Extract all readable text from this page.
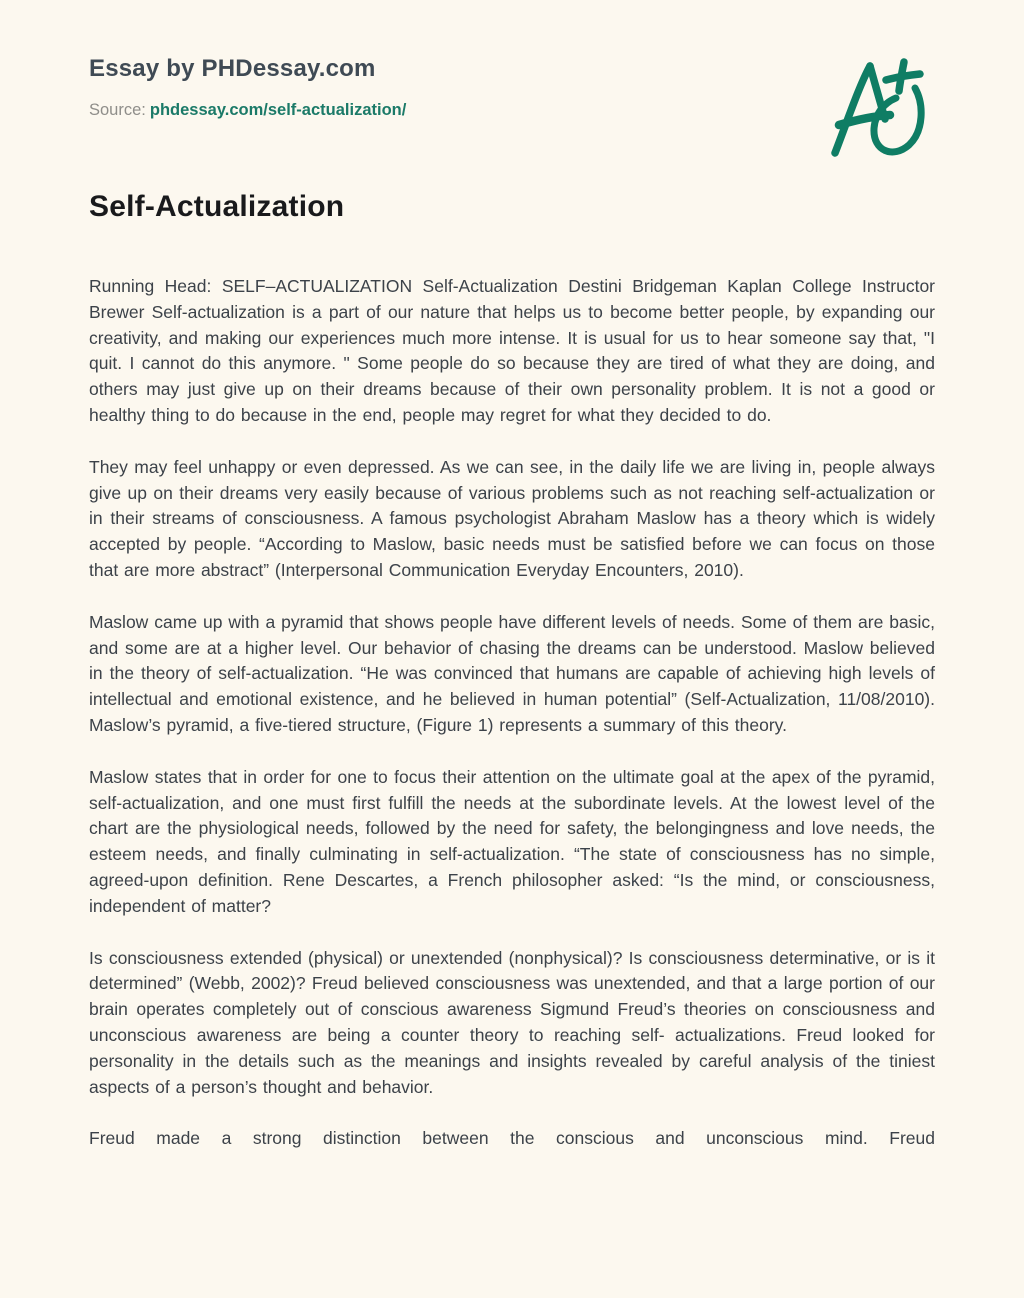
Essay by PHDessay.com
Source: phdessay.com/self-actualization/
Self-Actualization

Running Head: SELF–ACTUALIZATION Self-Actualization Destini Bridgeman Kaplan College Instructor Brewer Self-actualization is a part of our nature that helps us to become better people, by expanding our creativity, and making our experiences much more intense. It is usual for us to hear someone say that, "I quit. I cannot do this anymore. " Some people do so because they are tired of what they are doing, and others may just give up on their dreams because of their own personality problem. It is not a good or healthy thing to do because in the end, people may regret for what they decided to do.

They may feel unhappy or even depressed. As we can see, in the daily life we are living in, people always give up on their dreams very easily because of various problems such as not reaching self-actualization or in their streams of consciousness. A famous psychologist Abraham Maslow has a theory which is widely accepted by people. “According to Maslow, basic needs must be satisfied before we can focus on those that are more abstract” (Interpersonal Communication Everyday Encounters, 2010).

Maslow came up with a pyramid that shows people have different levels of needs. Some of them are basic, and some are at a higher level. Our behavior of chasing the dreams can be understood. Maslow believed in the theory of self-actualization. “He was convinced that humans are capable of achieving high levels of intellectual and emotional existence, and he believed in human potential” (Self-Actualization, 11/08/2010). Maslow’s pyramid, a five-tiered structure, (Figure 1) represents a summary of this theory.

Maslow states that in order for one to focus their attention on the ultimate goal at the apex of the pyramid, self-actualization, and one must first fulfill the needs at the subordinate levels. At the lowest level of the chart are the physiological needs, followed by the need for safety, the belongingness and love needs, the esteem needs, and finally culminating in self-actualization. “The state of consciousness has no simple, agreed-upon definition. Rene Descartes, a French philosopher asked: “Is the mind, or consciousness, independent of matter?

Is consciousness extended (physical) or unextended (nonphysical)? Is consciousness determinative, or is it determined” (Webb, 2002)? Freud believed consciousness was unextended, and that a large portion of our brain operates completely out of conscious awareness Sigmund Freud’s theories on consciousness and unconscious awareness are being a counter theory to reaching self- actualizations. Freud looked for personality in the details such as the meanings and insights revealed by careful analysis of the tiniest aspects of a person’s thought and behavior.

Freud made a strong distinction between the conscious and unconscious mind. Freud
